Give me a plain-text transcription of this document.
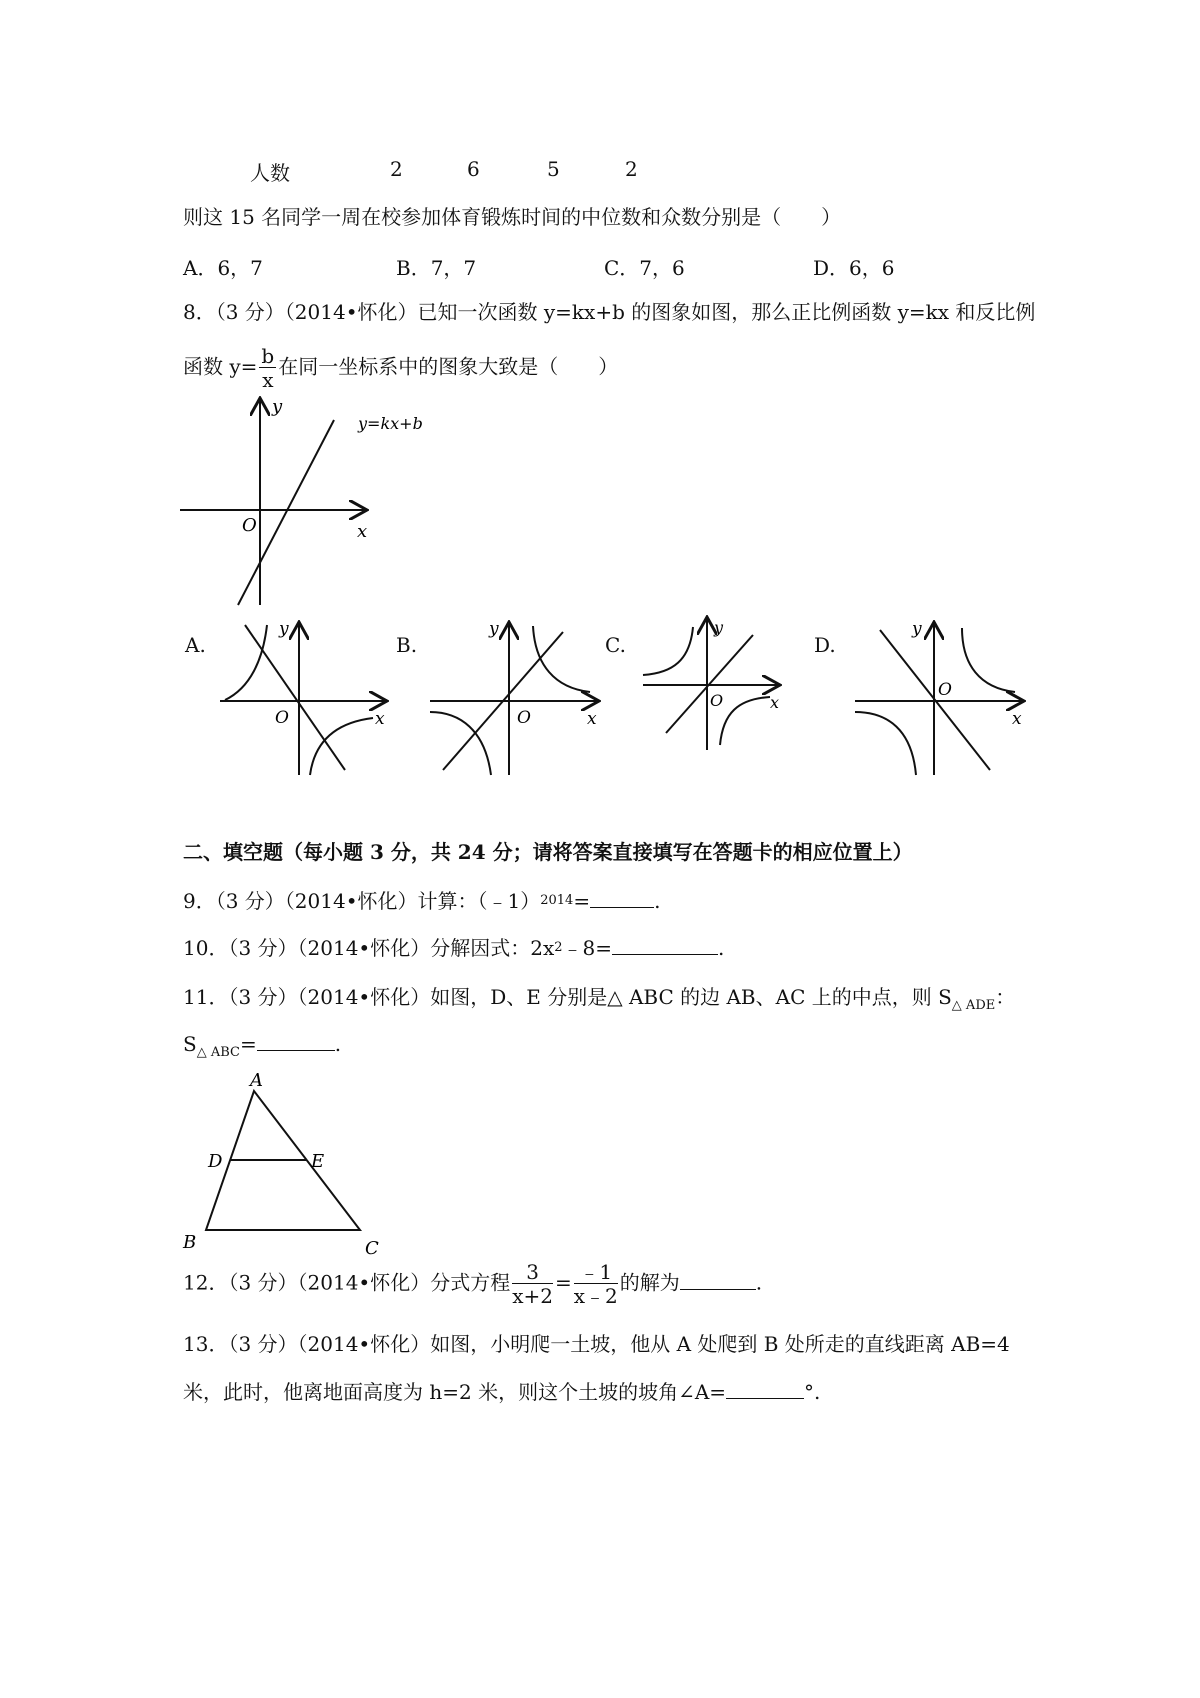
人数	2	6	5	2
则这 15 名同学一周在校参加体育锻炼时间的中位数和众数分别是（　　）
A．6，7	B．7，7	C．7，6	D．6，6
8．（3 分）（2014•怀化）已知一次函数 y=kx+b 的图象如图，那么正比例函数 y=kx 和反比例
函数 $y= \frac{b}{x}$ 在同一坐标系中的图象大致是（　　）
y
x
O
y=kx+b
A.	B.	C.	D.
y
x
O
y
x
O
y
x
O
y
x
O
二、填空题（每小题 3 分，共 24 分；请将答案直接填写在答题卡的相应位置上）
9．（3 分）（2014•怀化）计算：（﹣1）$^{2014}$=	.
10．（3 分）（2014•怀化）分解因式：$2x^2﹣8=$	.
11．（3 分）（2014•怀化）如图，D、E 分别是△ ABC 的边 AB、AC 上的中点，则 $S_{\triangle ADE}$：
$S_{\triangle ABC}=$	.
A
B	C
D	E
12．（3 分）（2014•怀化）分式方程 $\frac{3}{x+2} = \frac{﹣1}{x﹣2}$ 的解为	.
13．（3 分）（2014•怀化）如图，小明爬一土坡，他从 A 处爬到 B 处所走的直线距离 AB=4
米，此时，他离地面高度为 h=2 米，则这个土坡的坡角∠A=	°.
